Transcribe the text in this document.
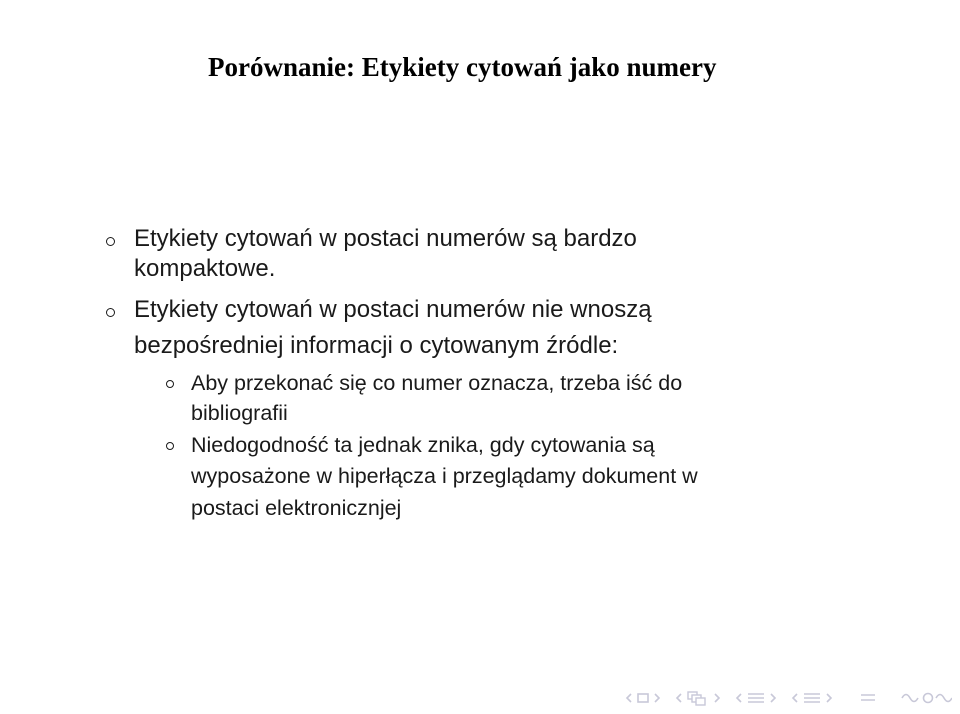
Porównanie: Etykiety cytowań jako numery
Etykiety cytowań w postaci numerów są bardzo
kompaktowe.
Etykiety cytowań w postaci numerów nie wnoszą
bezpośredniej informacji o cytowanym źródle:
Aby przekonać się co numer oznacza, trzeba iść do
bibliografii
Niedogodność ta jednak znika, gdy cytowania są
wyposażone w hiperłącza i przeglądamy dokument w
postaci elektronicznjej
